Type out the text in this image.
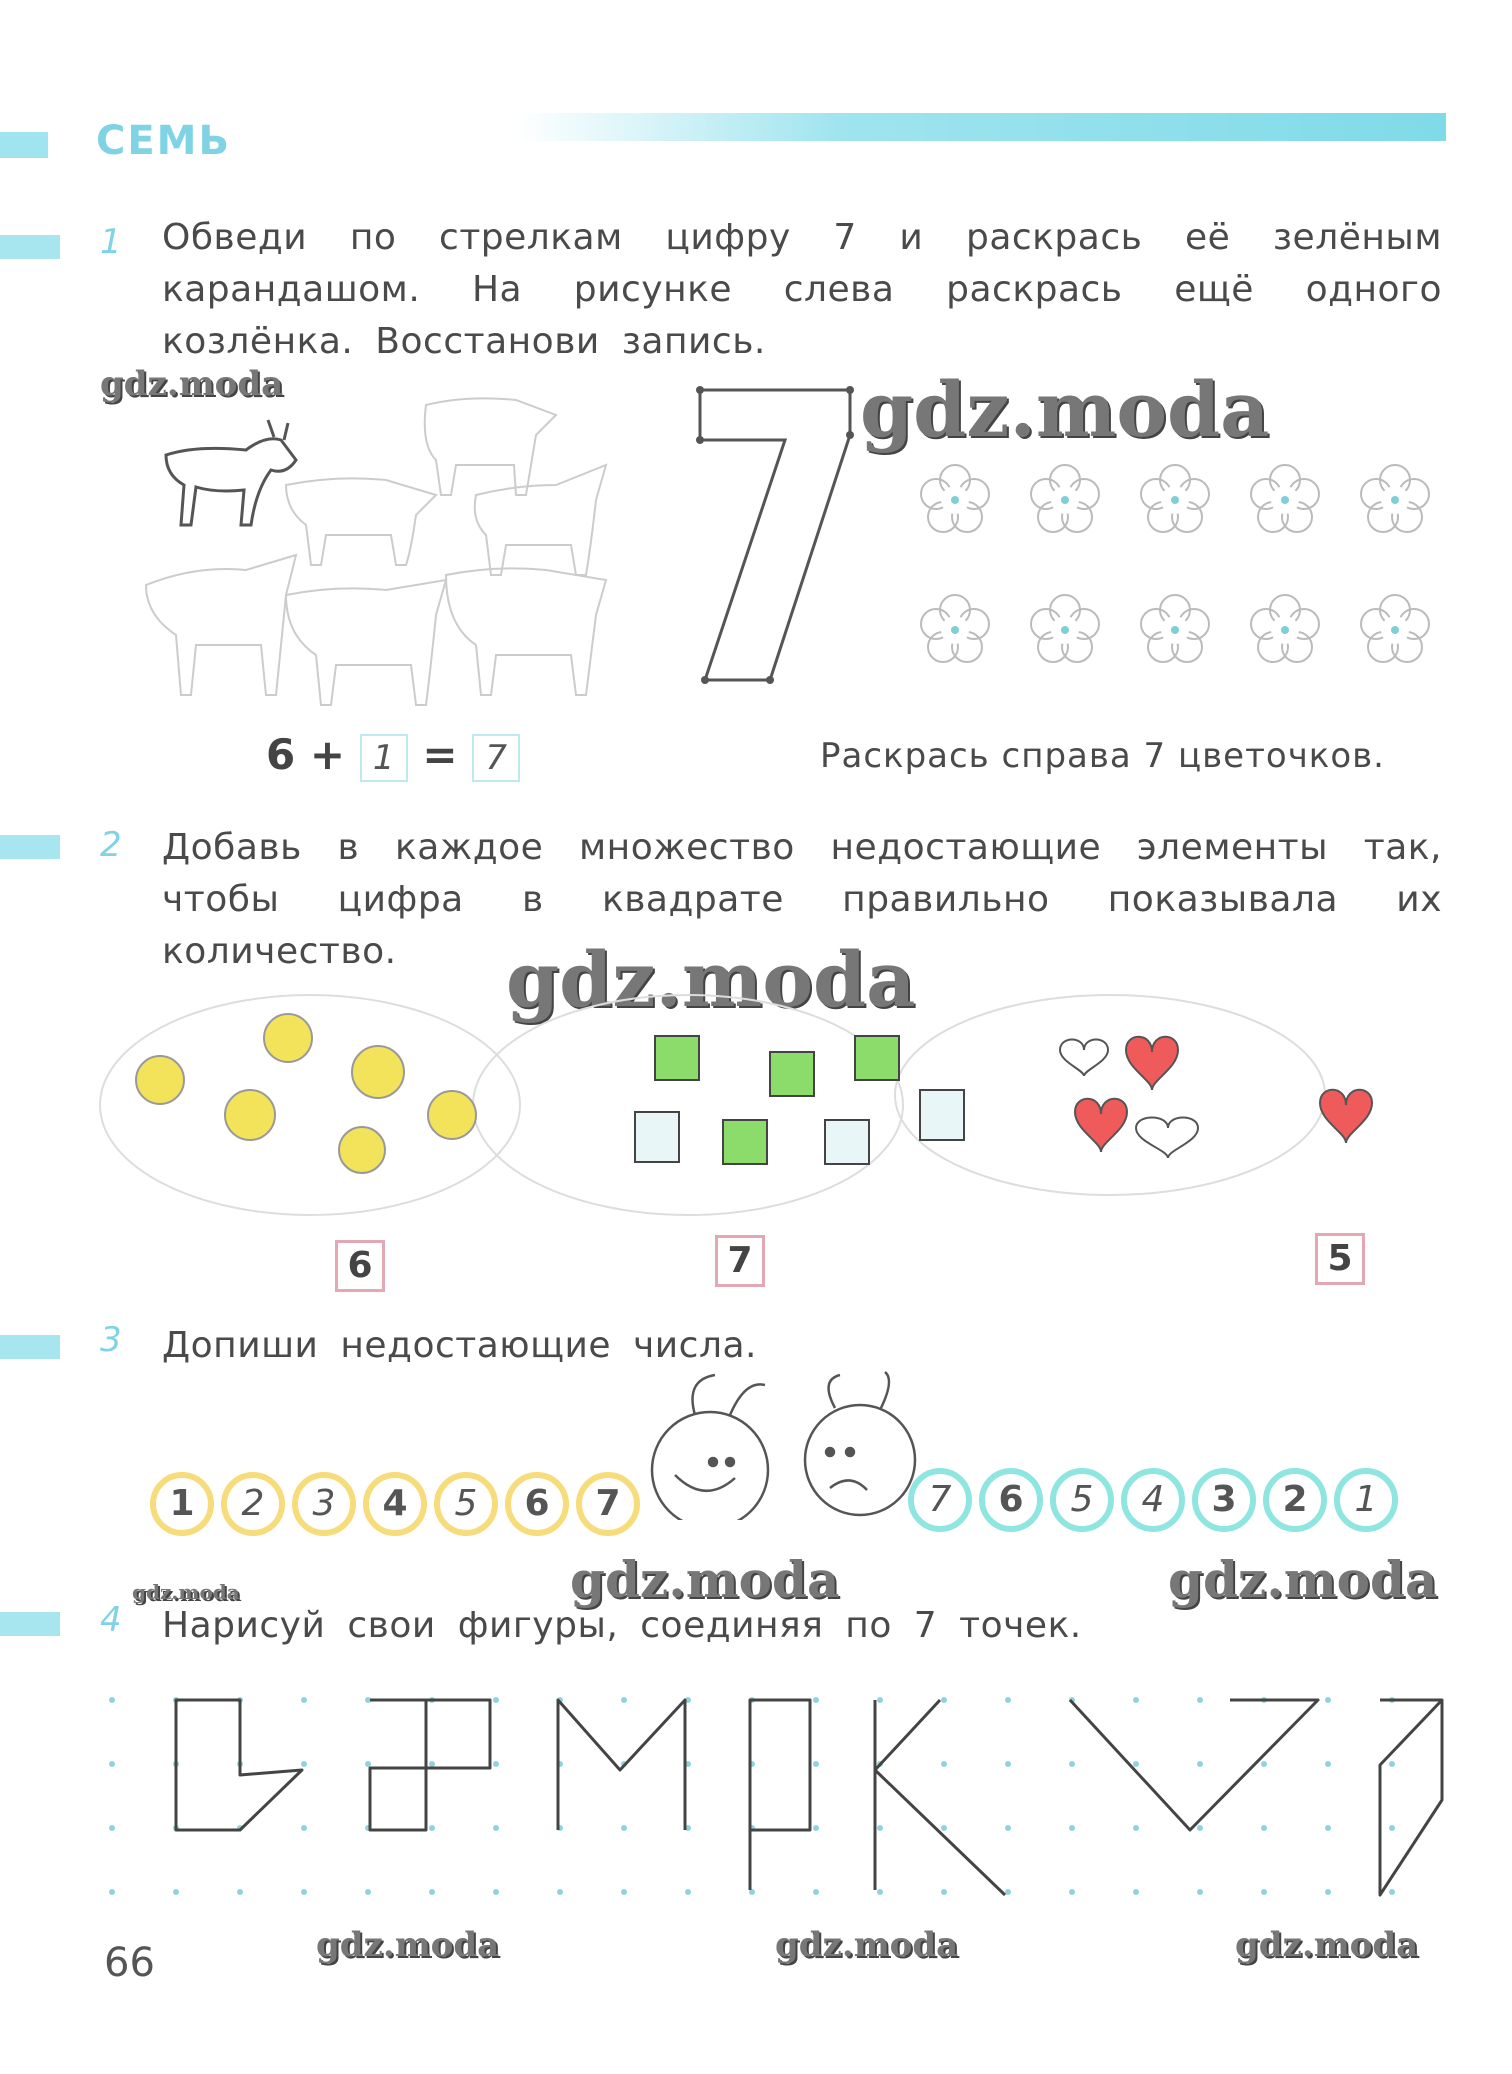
СЕМЬ
1 Обведи по стрелкам цифру 7 и раскрась её зелёным карандашом. На рисунке слева раскрась ещё одного козлёнка. Восстанови запись.
gdz.moda	gdz.moda
6 + 1 = 7	Раскрась справа 7 цветочков.
2 Добавь в каждое множество недостающие элементы так, чтобы цифра в квадрате правильно показывала их количество.	gdz.moda
6	7	5
3 Допиши недостающие числа.
1	2	3	4	5	6	7	7	6	5	4	3	2	1
gdz.moda	gdz.moda	gdz.moda
4 Нарисуй свои фигуры, соединяя по 7 точек.
66	gdz.moda	gdz.moda	gdz.moda
